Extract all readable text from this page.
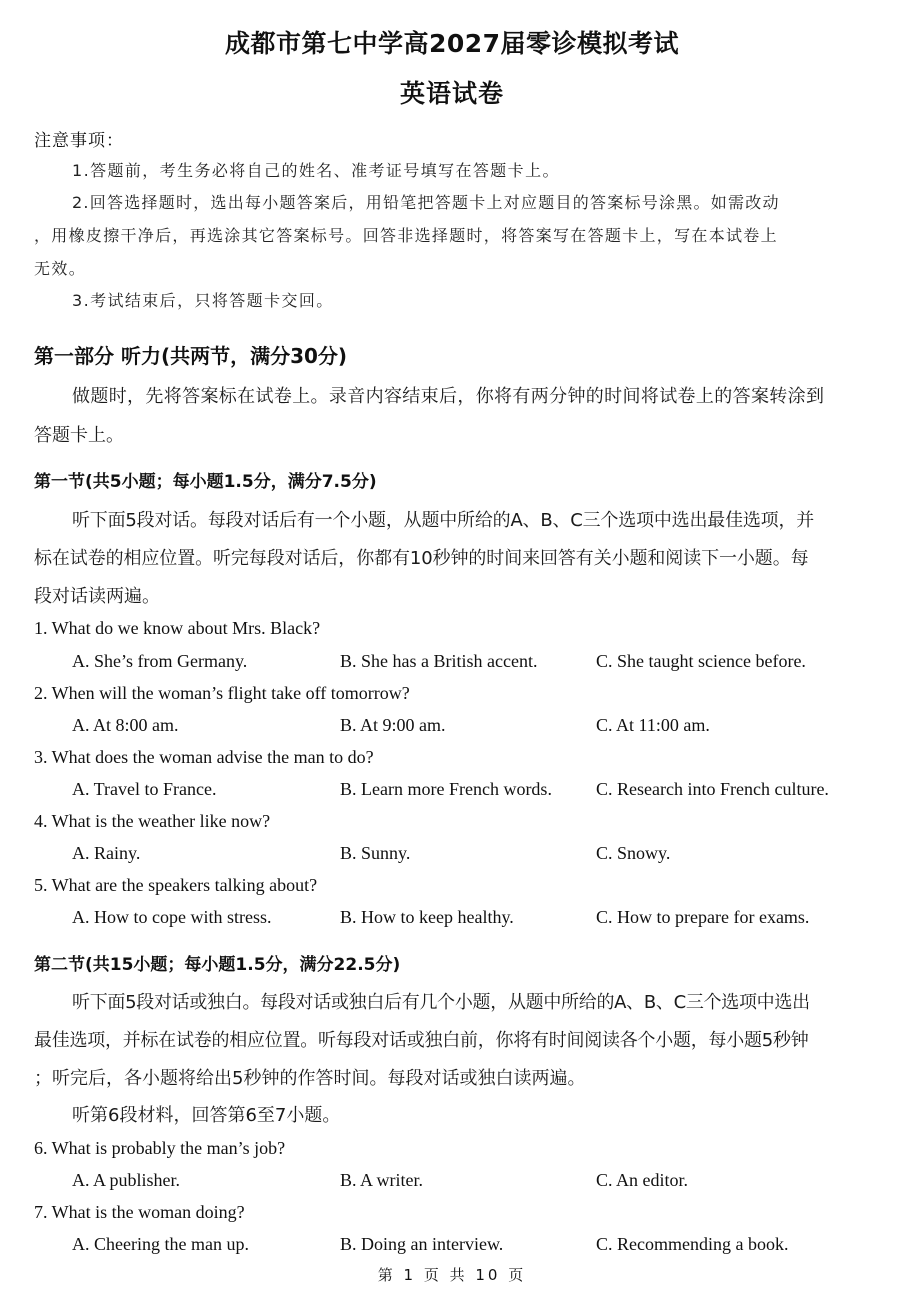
成都市第七中学高2027届零诊模拟考试
英语试卷
注意事项：
1.答题前，考生务必将自己的姓名、准考证号填写在答题卡上。
2.回答选择题时，选出每小题答案后，用铅笔把答题卡上对应题目的答案标号涂黑。如需改动
，用橡皮擦干净后，再选涂其它答案标号。回答非选择题时，将答案写在答题卡上，写在本试卷上
无效。
3.考试结束后，只将答题卡交回。
第一部分 听力(共两节，满分30分)
做题时，先将答案标在试卷上。录音内容结束后，你将有两分钟的时间将试卷上的答案转涂到
答题卡上。
第一节(共5小题；每小题1.5分，满分7.5分)
听下面5段对话。每段对话后有一个小题，从题中所给的A、B、C三个选项中选出最佳选项，并
标在试卷的相应位置。听完每段对话后，你都有10秒钟的时间来回答有关小题和阅读下一小题。每
段对话读两遍。
1. What do we know about Mrs. Black?
A. She’s from Germany.	B. She has a British accent.	C. She taught science before.
2. When will the woman’s flight take off tomorrow?
A. At 8:00 am.	B. At 9:00 am.	C. At 11:00 am.
3. What does the woman advise the man to do?
A. Travel to France.	B. Learn more French words. C. Research into French culture.
4. What is the weather like now?
A. Rainy.	B. Sunny.	C. Snowy.
5. What are the speakers talking about?
A. How to cope with stress.	B. How to keep healthy.	C. How to prepare for exams.
第二节(共15小题；每小题1.5分，满分22.5分)
听下面5段对话或独白。每段对话或独白后有几个小题，从题中所给的A、B、C三个选项中选出
最佳选项，并标在试卷的相应位置。听每段对话或独白前，你将有时间阅读各个小题，每小题5秒钟
；听完后，各小题将给出5秒钟的作答时间。每段对话或独白读两遍。
听第6段材料，回答第6至7小题。
6. What is probably the man’s job?
A. A publisher.	B. A writer.	C. An editor.
7. What is the woman doing?
A. Cheering the man up.	B. Doing an interview.	C. Recommending a book.
第 1 页 共 10 页
